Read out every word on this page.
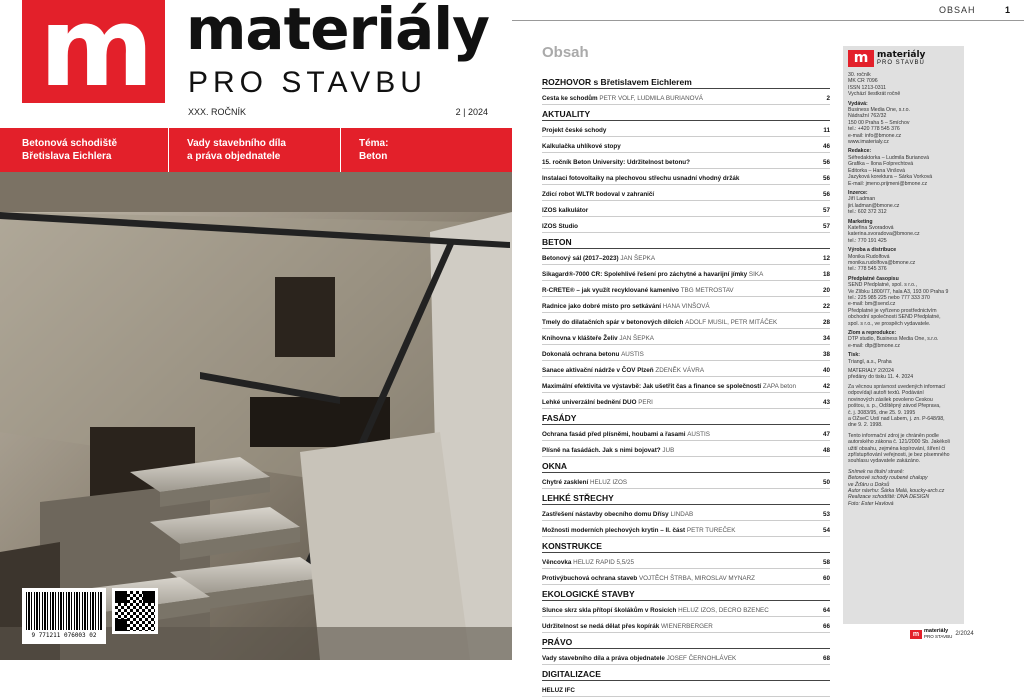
m materiály
PRO STAVBU
XXX. ROČNÍK	2 | 2024
Betonová schodiště
Břetislava Eichlera
Vady stavebního díla
a práva objednatele
Téma:
Beton
9 771211 076003 02
OBSAH	1
Obsah
ROZHOVOR s Břetislavem Eichlerem
Cesta ke schodům PETR VOLF, LUDMILA BURIANOVÁ	2
AKTUALITY
Projekt české schody	11
Kalkulačka uhlíkové stopy	46
15. ročník Beton University: Udržitelnost betonu?	56
Instalaci fotovoltaiky na plechovou střechu usnadní vhodný držák	56
Zdicí robot WLTR bodoval v zahraničí	56
IZOS kalkulátor	57
IZOS Studio	57
BETON
Betonový sál (2017–2023) JAN ŠEPKA	12
Sikagard®-7000 CR: Spolehlivé řešení pro záchytné a havarijní jímky SIKA	18
R-CRETE® – jak využít recyklované kamenivo TBG METROSTAV	20
Radnice jako dobré místo pro setkávání HANA VINŠOVÁ	22
Tmely do dilatačních spár v betonových dílcích ADOLF MUSIL, PETR MITÁČEK	28
Knihovna v klášteře Želiv JAN ŠEPKA	34
Dokonalá ochrana betonu AUSTIS	38
Sanace aktivační nádrže v ČOV Plzeň ZDENĚK VÁVRA	40
Maximální efektivita ve výstavbě: Jak ušetřit čas a finance se společností ZAPA beton	42
Lehké univerzální bednění DUO PERI	43
FASÁDY
Ochrana fasád před plísněmi, houbami a řasami AUSTIS	47
Plísně na fasádách. Jak s nimi bojovat? JUB	48
OKNA
Chytré zasklení HELUZ IZOS	50
LEHKÉ STŘECHY
Zastřešení nástavby obecního domu Dřísy LINDAB	53
Možnosti moderních plechových krytin – II. část PETR TUREČEK	54
KONSTRUKCE
Věncovka HELUZ RAPID 5,5/25	58
Protivýbuchová ochrana staveb VOJTĚCH ŠTRBA, MIROSLAV MYNARZ	60
EKOLOGICKÉ STAVBY
Slunce skrz skla přítopí školákům v Rosicích HELUZ IZOS, DECRO BZENEC	64
Udržitelnost se nedá dělat přes kopírák WIENERBERGER	66
PRÁVO
Vady stavebního díla a práva objednatele JOSEF ČERNOHLÁVEK	68
DIGITALIZACE
HELUZ IFC
m materiály
PRO STAVBU
30. ročník
MK ČR 7096
ISSN 1213-0311
Vychází šestkrát ročně
Vydává:
Business Media One, s.r.o.
Nádražní 762/32
150 00 Praha 5 – Smíchov
tel.: +420 778 545 376
e-mail: info@bmone.cz
www.imaterialy.cz
Redakce:
Šéfredaktorka – Ludmila Burianová
Grafika – Ilona Folprechtová
Editorka – Hana Vinšová
Jazyková korektura – Šárka Vorková
E-mail: jmeno.prijmeni@bmone.cz
Inzerce:
Jiří Ladman
jiri.ladman@bmone.cz
tel.: 602 372 312
Marketing
Kateřina Svoradová
katerina.svoradova@bmone.cz
tel.: 770 191 425
Výroba a distribuce
Monika Rudolfová
monika.rudolfova@bmone.cz
tel.: 778 545 376
Předplatné časopisu
SEND Předplatné, spol. s r.o.,
Ve Žlíbku 1800/77, hala A3, 193 00 Praha 9
tel.: 225 985 225 nebo 777 333 370
e-mail: bm@send.cz
Předplatné je vyřízeno prostřednictvím
obchodní společnosti SEND Předplatné,
spol. s r.o., ve prospěch vydavatele.
Zlom a reprodukce:
DTP studio, Business Media One, s.r.o.
e-mail: dtp@bmone.cz
Tisk:
Triangl, a.s., Praha
MATERIÁLY 2/2024
předány do tisku 11. 4. 2024
Za věcnou správnost uvedených informací
odpovídají autoři textů. Podávání
novinových zásilek povoleno Českou
poštou, s. p., Odštěpný závod Přeprava,
č. j. 3083/95, dne 25. 9. 1995
a OZseČ Ústí nad Labem, j. zn. P-648/98,
dne 9. 2. 1998.
Tento informační zdroj je chráněn podle autorského zákona č. 121/2000 Sb. Jakékoli užití obsahu, zejména kopírování, šíření či zpřístupňování veřejnosti, je bez písemného souhlasu vydavatele zakázáno.
Snímek na titulní straně:
Betonové schody roubené chalupy
ve Žďáru u Doksů
Autor návrhu: Šárka Malá, koucky-arch.cz
Realizace schodiště: DNA DESIGN
Foto: Ester Havlová
m materiály
PRO STAVBU 2/2024
